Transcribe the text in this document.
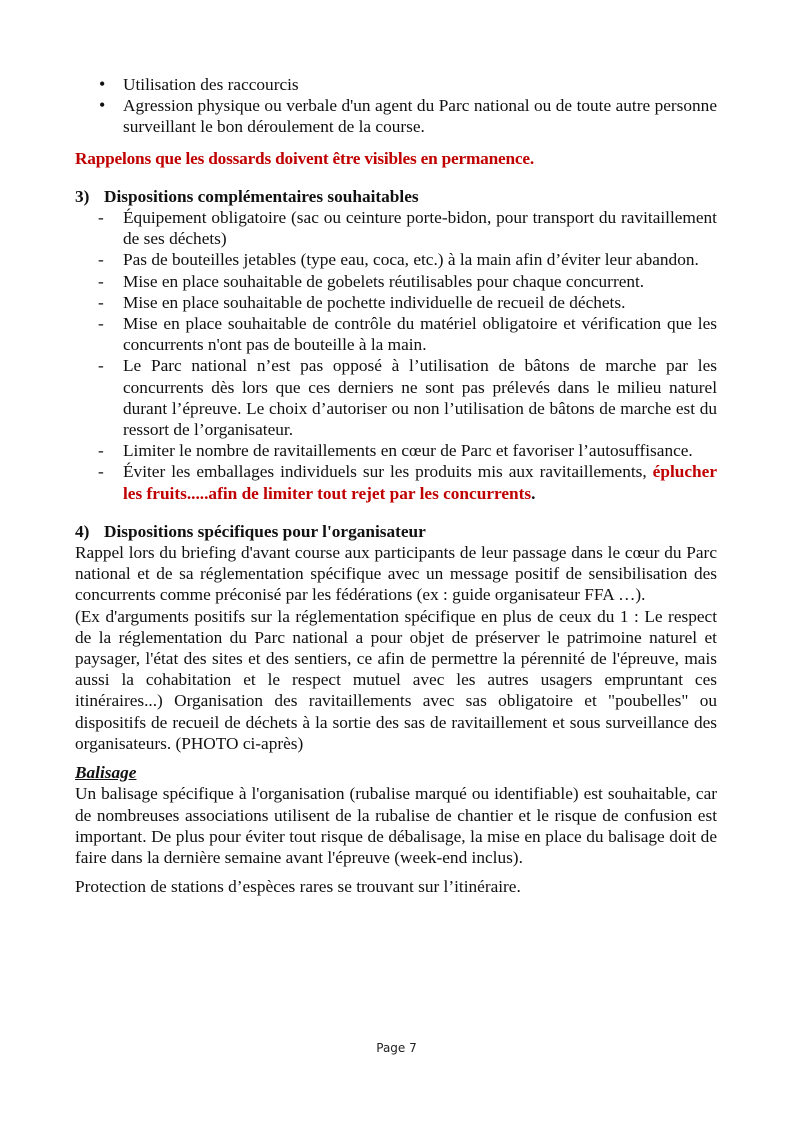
• Utilisation des raccourcis
• Agression physique ou verbale d'un agent du Parc national ou de toute autre personne surveillant le bon déroulement de la course.
Rappelons que les dossards doivent être visibles en permanence.
3) Dispositions complémentaires souhaitables
- Équipement obligatoire (sac ou ceinture porte-bidon, pour transport du ravitaillement de ses déchets)
- Pas de bouteilles jetables (type eau, coca, etc.) à la main afin d’éviter leur abandon.
- Mise en place souhaitable de gobelets réutilisables pour chaque concurrent.
- Mise en place souhaitable de pochette individuelle de recueil de déchets.
- Mise en place souhaitable de contrôle du matériel obligatoire et vérification que les concurrents n'ont pas de bouteille à la main.
- Le Parc national n’est pas opposé à l’utilisation de bâtons de marche par les concurrents dès lors que ces derniers ne sont pas prélevés dans le milieu naturel durant l’épreuve. Le choix d’autoriser ou non l’utilisation de bâtons de marche est du ressort de l’organisateur.
- Limiter le nombre de ravitaillements en cœur de Parc et favoriser l’autosuffisance.
- Éviter les emballages individuels sur les produits mis aux ravitaillements, éplucher les fruits.....afin de limiter tout rejet par les concurrents.
4) Dispositions spécifiques pour l'organisateur

Rappel lors du briefing d'avant course aux participants de leur passage dans le cœur du Parc national et de sa réglementation spécifique avec un message positif de sensibilisation des concurrents comme préconisé par les fédérations (ex : guide organisateur FFA …).

(Ex d'arguments positifs sur la réglementation spécifique en plus de ceux du 1 : Le respect de la réglementation du Parc national a pour objet de préserver le patrimoine naturel et paysager, l'état des sites et des sentiers, ce afin de permettre la pérennité de l'épreuve, mais aussi la cohabitation et le respect mutuel avec les autres usagers empruntant ces itinéraires...) Organisation des ravitaillements avec sas obligatoire et "poubelles" ou dispositifs de recueil de déchets à la sortie des sas de ravitaillement et sous surveillance des organisateurs. (PHOTO ci-après)

Balisage

Un balisage spécifique à l'organisation (rubalise marqué ou identifiable) est souhaitable, car de nombreuses associations utilisent de la rubalise de chantier et le risque de confusion est important. De plus pour éviter tout risque de débalisage, la mise en place du balisage doit de faire dans la dernière semaine avant l'épreuve (week-end inclus).

Protection de stations d’espèces rares se trouvant sur l’itinéraire.

Page 7
